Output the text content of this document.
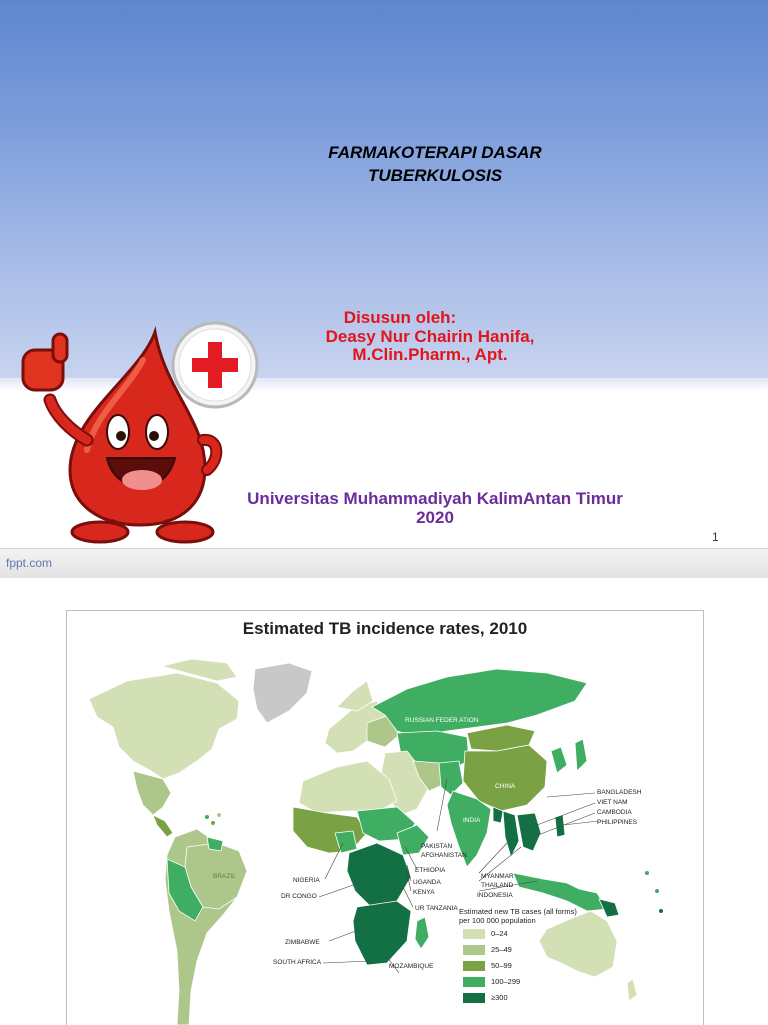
FARMAKOTERAPI DASAR
TUBERKULOSIS
Disusun oleh:
Deasy Nur Chairin Hanifa,
M.Clin.Pharm., Apt.
Universitas Muhammadiyah KalimAntan Timur
2020
1
fppt.com
Estimated TB incidence rates, 2010
RUSSIAN FEDER ATION
CHINA
INDIA
BRAZIL
BANGLADESH
VIET NAM
CAMBODIA
PHILIPPINES
PAKISTAN
AFGHANISTAN
ETHIOPIA
UGANDA
KENYA
UR TANZANIA
MYANMAR
THAILAND
INDONESIA
NIGERIA
DR CONGO
ZIMBABWE
SOUTH AFRICA
MOZAMBIQUE
Estimated new TB cases (all forms) per 100 000 population
0–24
25–49
50–99
100–299
≥300
